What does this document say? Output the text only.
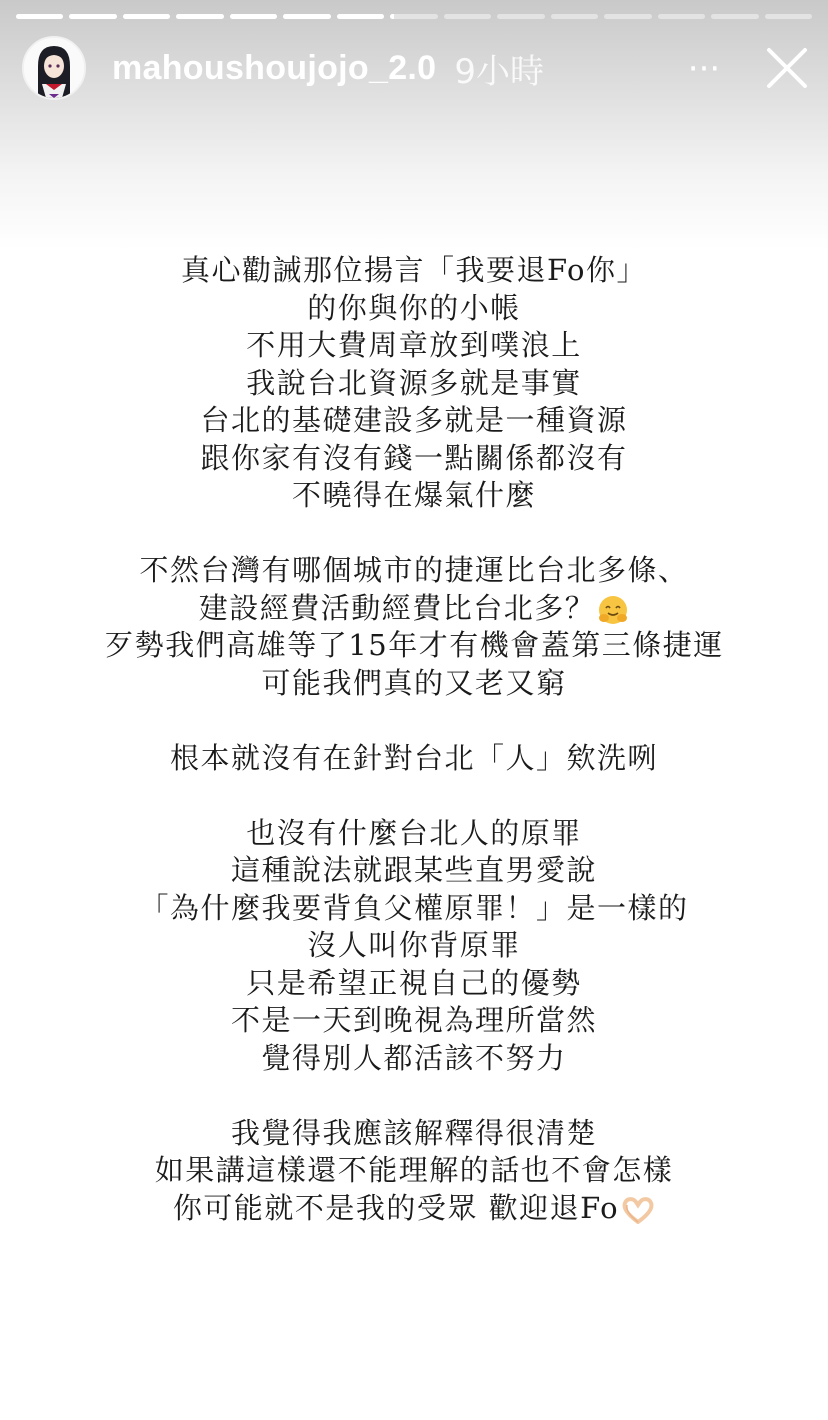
mahoushoujojo_2.0 9小時	···
真心勸誡那位揚言「我要退Fo你」
的你與你的小帳
不用大費周章放到噗浪上
我說台北資源多就是事實
台北的基礎建設多就是一種資源
跟你家有沒有錢一點關係都沒有
不曉得在爆氣什麼
不然台灣有哪個城市的捷運比台北多條、
建設經費活動經費比台北多？
歹勢我們高雄等了15年才有機會蓋第三條捷運
可能我們真的又老又窮
根本就沒有在針對台北「人」欸洗咧
也沒有什麼台北人的原罪
這種說法就跟某些直男愛說
「為什麼我要背負父權原罪！」是一樣的
沒人叫你背原罪
只是希望正視自己的優勢
不是一天到晚視為理所當然
覺得別人都活該不努力
我覺得我應該解釋得很清楚
如果講這樣還不能理解的話也不會怎樣
你可能就不是我的受眾 歡迎退Fo
